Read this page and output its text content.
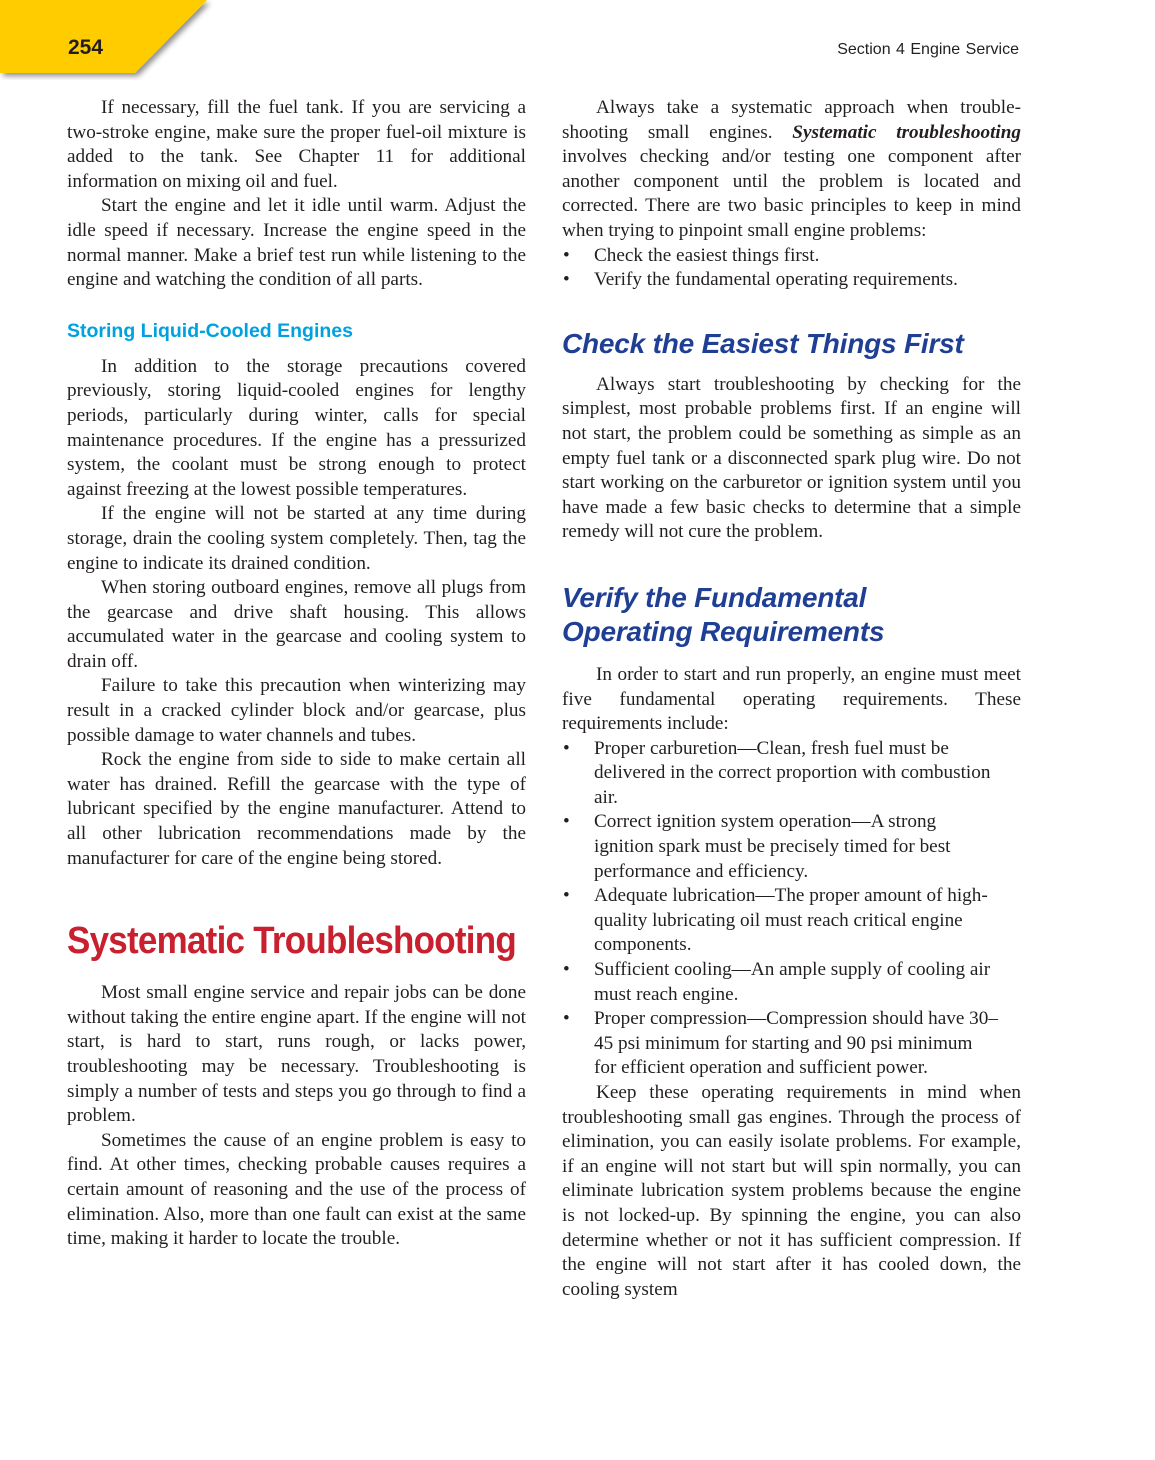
254	Section 4 Engine Service

If necessary, fill the fuel tank. If you are servicing a two-stroke engine, make sure the proper fuel-oil mixture is added to the tank. See Chapter 11 for additional information on mixing oil and fuel.

Start the engine and let it idle until warm. Adjust the idle speed if necessary. Increase the engine speed in the normal manner. Make a brief test run while listening to the engine and watching the condition of all parts.

Storing Liquid-Cooled Engines

In addition to the storage precautions covered previously, storing liquid-cooled engines for lengthy periods, particularly during winter, calls for special maintenance procedures. If the engine has a pressurized system, the coolant must be strong enough to protect against freezing at the lowest possible temperatures.

If the engine will not be started at any time during storage, drain the cooling system completely. Then, tag the engine to indicate its drained condition.

When storing outboard engines, remove all plugs from the gearcase and drive shaft housing. This allows accumulated water in the gearcase and cooling system to drain off.

Failure to take this precaution when winterizing may result in a cracked cylinder block and/or gearcase, plus possible damage to water channels and tubes.

Rock the engine from side to side to make certain all water has drained. Refill the gearcase with the type of lubricant specified by the engine manufacturer. Attend to all other lubrication recommendations made by the manufacturer for care of the engine being stored.

Systematic Troubleshooting

Most small engine service and repair jobs can be done without taking the entire engine apart. If the engine will not start, is hard to start, runs rough, or lacks power, troubleshooting may be necessary. Troubleshooting is simply a number of tests and steps you go through to find a problem.

Sometimes the cause of an engine problem is easy to find. At other times, checking probable causes requires a certain amount of reasoning and the use of the process of elimination. Also, more than one fault can exist at the same time, making it harder to locate the trouble.

Always take a systematic approach when troubleshooting small engines. Systematic troubleshooting involves checking and/or testing one component after another component until the problem is located and corrected. There are two basic principles to keep in mind when trying to pinpoint small engine problems:

• Check the easiest things first.
• Verify the fundamental operating requirements.
Check the Easiest Things First

Always start troubleshooting by checking for the simplest, most probable problems first. If an engine will not start, the problem could be something as simple as an empty fuel tank or a disconnected spark plug wire. Do not start working on the carburetor or ignition system until you have made a few basic checks to determine that a simple remedy will not cure the problem.

Verify the Fundamental
Operating Requirements

In order to start and run properly, an engine must meet five fundamental operating requirements. These requirements include:

• Proper carburetion—Clean, fresh fuel must be delivered in the correct proportion with combustion air.
• Correct ignition system operation—A strong ignition spark must be precisely timed for best performance and efficiency.
• Adequate lubrication—The proper amount of high-quality lubricating oil must reach critical engine components.
• Sufficient cooling—An ample supply of cooling air must reach engine.
• Proper compression—Compression should have 30–45 psi minimum for starting and 90 psi minimum for efficient operation and sufficient power.

Keep these operating requirements in mind when troubleshooting small gas engines. Through the process of elimination, you can easily isolate problems. For example, if an engine will not start but will spin normally, you can eliminate lubrication system problems because the engine is not locked-up. By spinning the engine, you can also determine whether or not it has sufficient compression. If the engine will not start after it has cooled down, the cooling system
